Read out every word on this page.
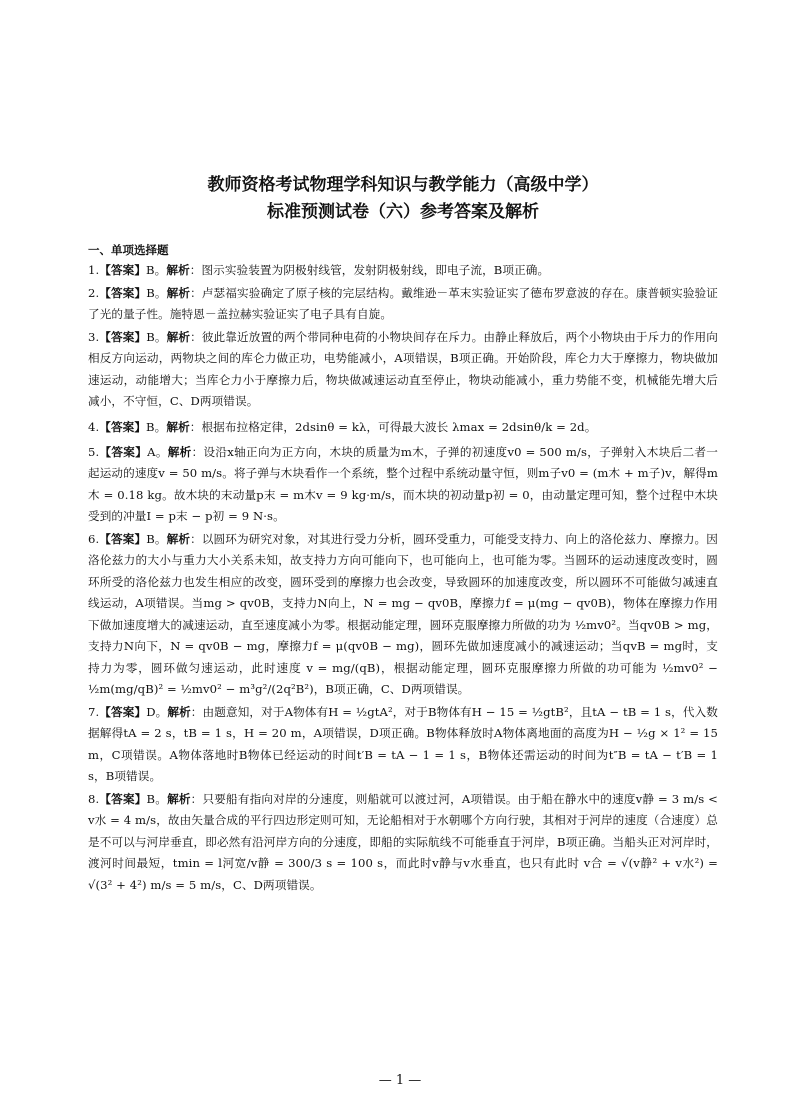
教师资格考试物理学科知识与教学能力（高级中学）
标准预测试卷（六）参考答案及解析
一、单项选择题

1.【答案】B。解析：图示实验装置为阴极射线管，发射阴极射线，即电子流，B项正确。

2.【答案】B。解析：卢瑟福实验确定了原子核的完层结构。戴维逊－革末实验证实了德布罗意波的存在。康普顿实验验证了光的量子性。施特恩－盖拉赫实验证实了电子具有自旋。

3.【答案】B。解析：彼此靠近放置的两个带同种电荷的小物块间存在斥力。由静止释放后，两个小物块由于斥力的作用向相反方向运动，两物块之间的库仑力做正功，电势能减小，A项错误，B项正确。开始阶段，库仑力大于摩擦力，物块做加速运动，动能增大；当库仑力小于摩擦力后，物块做减速运动直至停止，物块动能减小，重力势能不变，机械能先增大后减小，不守恒，C、D两项错误。

4.【答案】B。解析：根据布拉格定律，2dsinθ = kλ，可得最大波长 λmax = 2dsinθ/k = 2d。

5.【答案】A。解析：设沿x轴正向为正方向，木块的质量为m木，子弹的初速度v0 = 500 m/s，子弹射入木块后二者一起运动的速度v = 50 m/s。将子弹与木块看作一个系统，整个过程中系统动量守恒，则m子v0 = (m木 + m子)v，解得m木 = 0.18 kg。故木块的末动量p末 = m木v = 9 kg·m/s，而木块的初动量p初 = 0，由动量定理可知，整个过程中木块受到的冲量I = p末 − p初 = 9 N·s。

6.【答案】B。解析：以圆环为研究对象，对其进行受力分析，圆环受重力，可能受支持力、向上的洛伦兹力、摩擦力。因洛伦兹力的大小与重力大小关系未知，故支持力方向可能向下，也可能向上，也可能为零。当圆环的运动速度改变时，圆环所受的洛伦兹力也发生相应的改变，圆环受到的摩擦力也会改变，导致圆环的加速度改变，所以圆环不可能做匀减速直线运动，A项错误。当mg > qv0B，支持力N向上，N = mg − qv0B，摩擦力f = μ(mg − qv0B)，物体在摩擦力作用下做加速度增大的减速运动，直至速度减小为零。根据动能定理，圆环克服摩擦力所做的功为 ½mv0²。当qv0B > mg，支持力N向下，N = qv0B − mg，摩擦力f = μ(qv0B − mg)，圆环先做加速度减小的减速运动；当qvB = mg时，支持力为零，圆环做匀速运动，此时速度 v = mg/(qB)，根据动能定理，圆环克服摩擦力所做的功可能为 ½mv0² − ½m(mg/qB)² = ½mv0² − m³g²/(2q²B²)，B项正确，C、D两项错误。

7.【答案】D。解析：由题意知，对于A物体有H = ½gtA²，对于B物体有H − 15 = ½gtB²，且tA − tB = 1 s，代入数据解得tA = 2 s，tB = 1 s，H = 20 m，A项错误，D项正确。B物体释放时A物体离地面的高度为H − ½g × 1² = 15 m，C项错误。A物体落地时B物体已经运动的时间t′B = tA − 1 = 1 s，B物体还需运动的时间为t″B = tA − t′B = 1 s，B项错误。

8.【答案】B。解析：只要船有指向对岸的分速度，则船就可以渡过河，A项错误。由于船在静水中的速度v静 = 3 m/s < v水 = 4 m/s，故由矢量合成的平行四边形定则可知，无论船相对于水朝哪个方向行驶，其相对于河岸的速度（合速度）总是不可以与河岸垂直，即必然有沿河岸方向的分速度，即船的实际航线不可能垂直于河岸，B项正确。当船头正对河岸时，渡河时间最短，tmin = l河宽/v静 = 300/3 s = 100 s，而此时v静与v水垂直，也只有此时 v合 = √(v静² + v水²) = √(3² + 4²) m/s = 5 m/s，C、D两项错误。

— 1 —
